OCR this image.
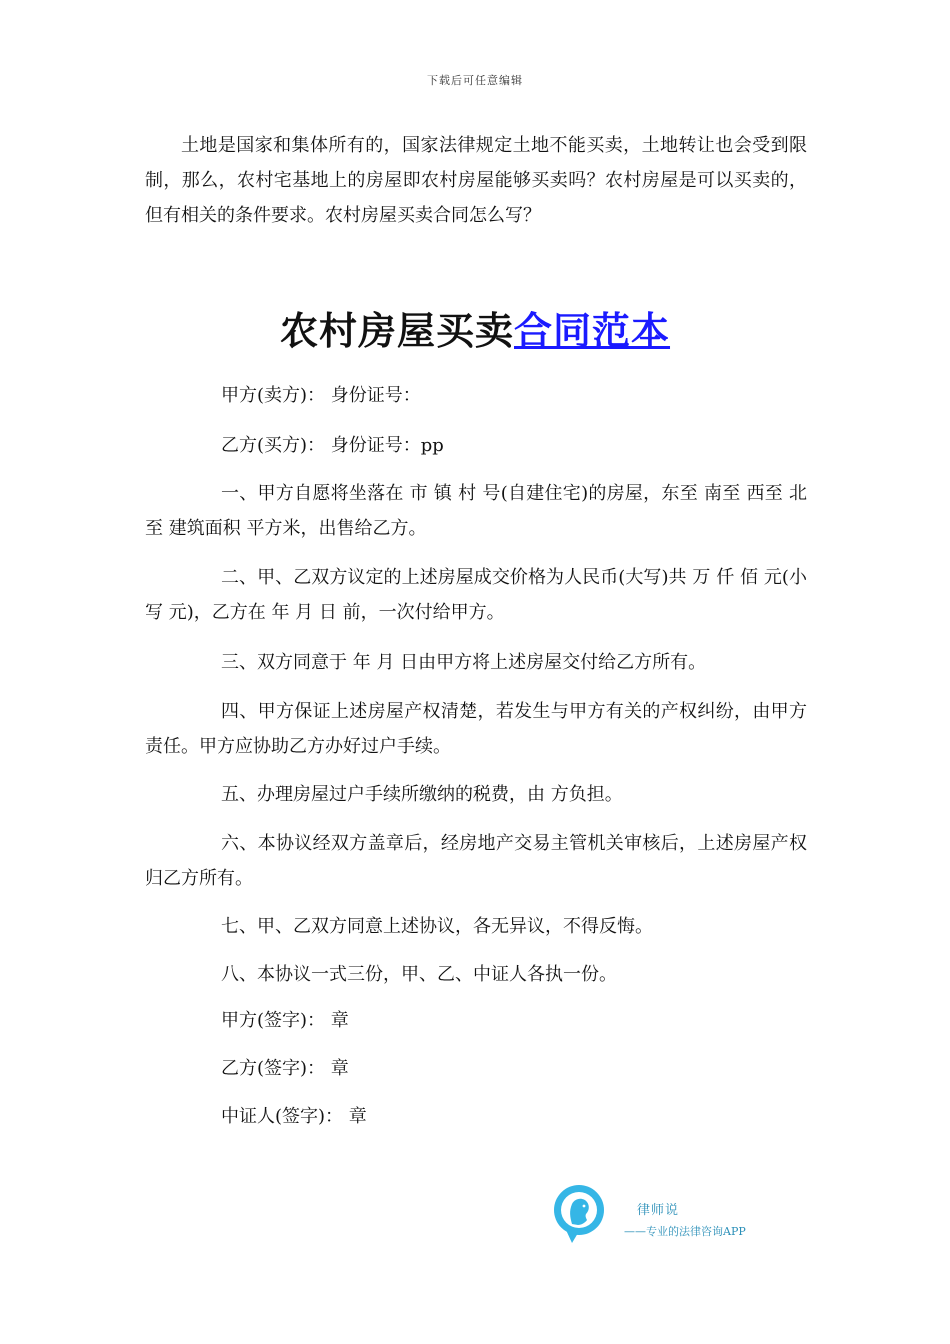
下载后可任意编辑

土地是国家和集体所有的，国家法律规定土地不能买卖，土地转让也会受到限制，那么，农村宅基地上的房屋即农村房屋能够买卖吗？农村房屋是可以买卖的，但有相关的条件要求。农村房屋买卖合同怎么写？

农村房屋买卖合同范本

甲方(卖方)： 身份证号：

乙方(买方)： 身份证号：pp

一、甲方自愿将坐落在 市 镇 村 号(自建住宅)的房屋，东至 南至 西至 北至 建筑面积 平方米，出售给乙方。

二、甲、乙双方议定的上述房屋成交价格为人民币(大写)共 万 仟 佰 元(小写 元)，乙方在 年 月 日 前，一次付给甲方。

三、双方同意于 年 月 日由甲方将上述房屋交付给乙方所有。

四、甲方保证上述房屋产权清楚，若发生与甲方有关的产权纠纷，由甲方责任。甲方应协助乙方办好过户手续。

五、办理房屋过户手续所缴纳的税费，由 方负担。

六、本协议经双方盖章后，经房地产交易主管机关审核后，上述房屋产权归乙方所有。

七、甲、乙双方同意上述协议，各无异议，不得反悔。

八、本协议一式三份，甲、乙、中证人各执一份。

甲方(签字)： 章

乙方(签字)： 章

中证人(签字)： 章

律师说
——专业的法律咨询APP
